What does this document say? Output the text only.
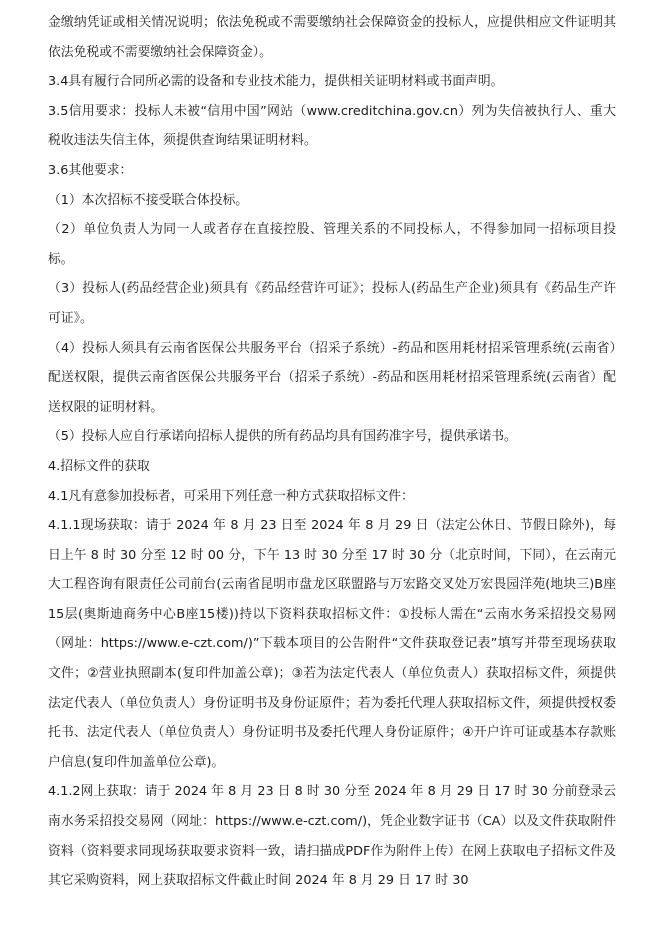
金缴纳凭证或相关情况说明；依法免税或不需要缴纳社会保障资金的投标人，应提供相应文件证明其依法免税或不需要缴纳社会保障资金）。

3.4具有履行合同所必需的设备和专业技术能力，提供相关证明材料或书面声明。

3.5信用要求：投标人未被“信用中国”网站（www.creditchina.gov.cn）列为失信被执行人、重大税收违法失信主体，须提供查询结果证明材料。

3.6其他要求：

（1）本次招标不接受联合体投标。

（2）单位负责人为同一人或者存在直接控股、管理关系的不同投标人，不得参加同一招标项目投标。

（3）投标人(药品经营企业)须具有《药品经营许可证》；投标人(药品生产企业)须具有《药品生产许可证》。

（4）投标人须具有云南省医保公共服务平台（招采子系统）-药品和医用耗材招采管理系统(云南省）配送权限，提供云南省医保公共服务平台（招采子系统）-药品和医用耗材招采管理系统(云南省）配送权限的证明材料。

（5）投标人应自行承诺向招标人提供的所有药品均具有国药准字号，提供承诺书。

4.招标文件的获取

4.1凡有意参加投标者，可采用下列任意一种方式获取招标文件：

4.1.1现场获取：请于 2024 年 8 月 23 日至 2024 年 8 月 29 日（法定公休日、节假日除外)，每日上午 8 时 30 分至 12 时 00 分，下午 13 时 30 分至 17 时 30 分（北京时间，下同），在云南元大工程咨询有限责任公司前台(云南省昆明市盘龙区联盟路与万宏路交叉处万宏畏园洋苑(地块三)B座15层(奥斯迪商务中心B座15楼))持以下资料获取招标文件：①投标人需在“云南水务采招投交易网（网址：https://www.e-czt.com/)”下载本项目的公告附件“文件获取登记表”填写并带至现场获取文件；②营业执照副本(复印件加盖公章)；③若为法定代表人（单位负责人）获取招标文件，须提供法定代表人（单位负责人）身份证明书及身份证原件；若为委托代理人获取招标文件，须提供授权委托书、法定代表人（单位负责人）身份证明书及委托代理人身份证原件；④开户许可证或基本存款账户信息(复印件加盖单位公章)。

4.1.2网上获取：请于 2024 年 8 月 23 日 8 时 30 分至 2024 年 8 月 29 日 17 时 30 分前登录云南水务采招投交易网（网址：https://www.e-czt.com/)，凭企业数字证书（CA）以及文件获取附件资料（资料要求同现场获取要求资料一致，请扫描成PDF作为附件上传）在网上获取电子招标文件及其它采购资料，网上获取招标文件截止时间 2024 年 8 月 29 日 17 时 30
